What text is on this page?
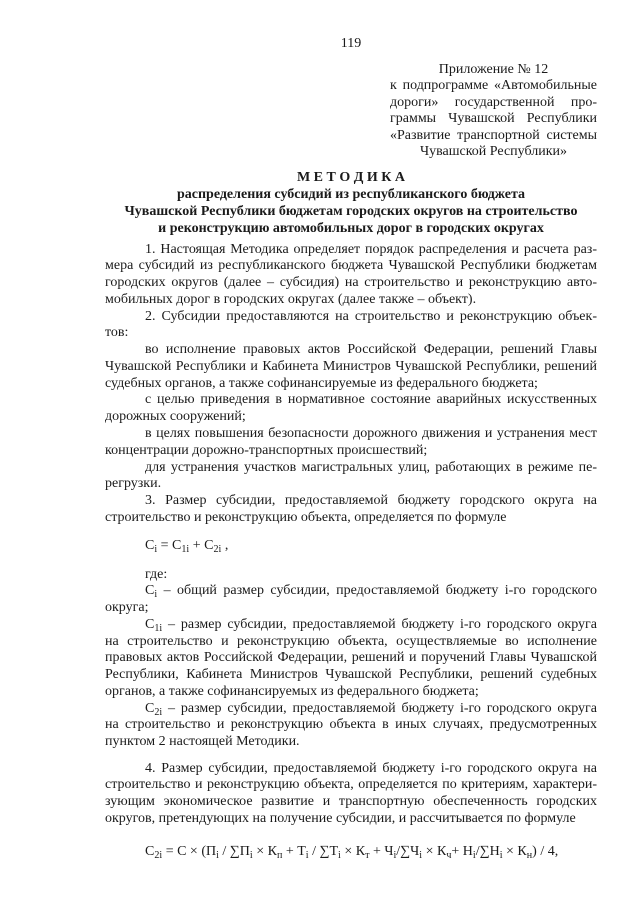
119
Приложение № 12
к подпрограмме «Автомобильные
дороги» государственной про-
граммы Чувашской Республики
«Развитие транспортной системы
Чувашской Республики»
М Е Т О Д И К А
распределения субсидий из республиканского бюджета
Чувашской Республики бюджетам городских округов на строительство
и реконструкцию автомобильных дорог в городских округах
1. Настоящая Методика определяет порядок распределения и расчета раз-
мера субсидий из республиканского бюджета Чувашской Республики бюджетам
городских округов (далее – субсидия) на строительство и реконструкцию авто-
мобильных дорог в городских округах (далее также – объект).
2. Субсидии предоставляются на строительство и реконструкцию объек-
тов:
во исполнение правовых актов Российской Федерации, решений Главы
Чувашской Республики и Кабинета Министров Чувашской Республики, решений
судебных органов, а также софинансируемые из федерального бюджета;
с целью приведения в нормативное состояние аварийных искусственных
дорожных сооружений;
в целях повышения безопасности дорожного движения и устранения мест
концентрации дорожно-транспортных происшествий;
для устранения участков магистральных улиц, работающих в режиме пе-
регрузки.
3. Размер субсидии, предоставляемой бюджету городского округа на
строительство и реконструкцию объекта, определяется по формуле
$С_i = С_{1i} + С_{2i}$ ,
где:
$С_i$ – общий размер субсидии, предоставляемой бюджету i-го городского
округа;
$С_{1i}$ – размер субсидии, предоставляемой бюджету i-го городского округа
на строительство и реконструкцию объекта, осуществляемые во исполнение
правовых актов Российской Федерации, решений и поручений Главы Чувашской
Республики, Кабинета Министров Чувашской Республики, решений судебных
органов, а также софинансируемых из федерального бюджета;
$С_{2i}$ – размер субсидии, предоставляемой бюджету i-го городского округа
на строительство и реконструкцию объекта в иных случаях, предусмотренных
пунктом 2 настоящей Методики.
4. Размер субсидии, предоставляемой бюджету i-го городского округа на
строительство и реконструкцию объекта, определяется по критериям, характери-
зующим экономическое развитие и транспортную обеспеченность городских
округов, претендующих на получение субсидии, и рассчитывается по формуле
$С_{2i} = С \times (П_i / \sum П_i \times К_п + Т_i / \sum Т_i \times К_т + Ч_i/\sum Ч_i \times К_ч+ Н_i/\sum Н_i \times К_н) / 4$,
